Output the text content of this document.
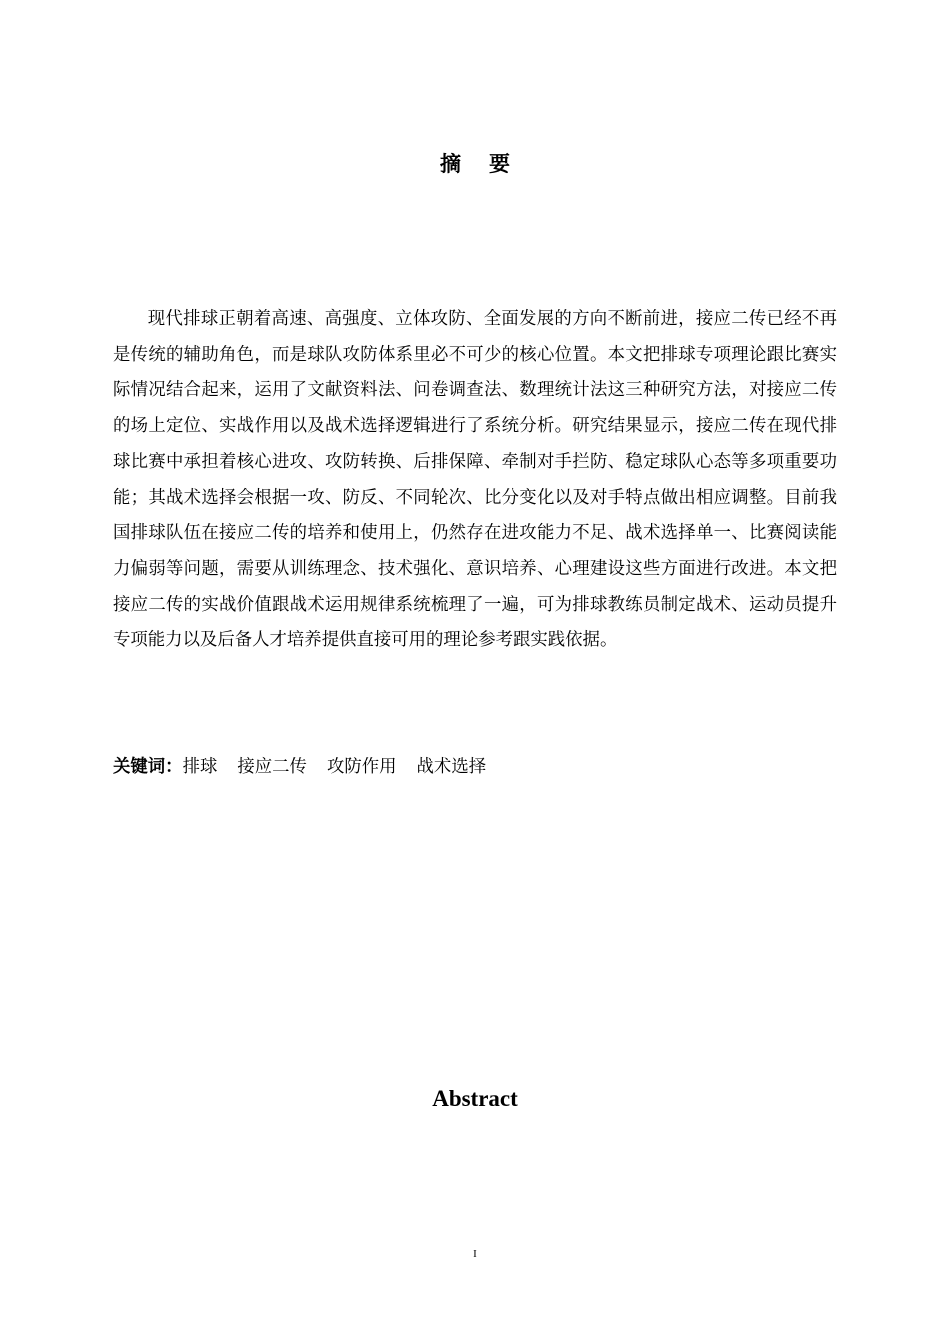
摘 要

现代排球正朝着高速、高强度、立体攻防、全面发展的方向不断前进，接应二传已经不再是传统的辅助角色，而是球队攻防体系里必不可少的核心位置。本文把排球专项理论跟比赛实际情况结合起来，运用了文献资料法、问卷调查法、数理统计法这三种研究方法，对接应二传的场上定位、实战作用以及战术选择逻辑进行了系统分析。研究结果显示，接应二传在现代排球比赛中承担着核心进攻、攻防转换、后排保障、牵制对手拦防、稳定球队心态等多项重要功能；其战术选择会根据一攻、防反、不同轮次、比分变化以及对手特点做出相应调整。目前我国排球队伍在接应二传的培养和使用上，仍然存在进攻能力不足、战术选择单一、比赛阅读能力偏弱等问题，需要从训练理念、技术强化、意识培养、心理建设这些方面进行改进。本文把接应二传的实战价值跟战术运用规律系统梳理了一遍，可为排球教练员制定战术、运动员提升专项能力以及后备人才培养提供直接可用的理论参考跟实践依据。

关键词：排球 接应二传 攻防作用 战术选择
Abstract
I
